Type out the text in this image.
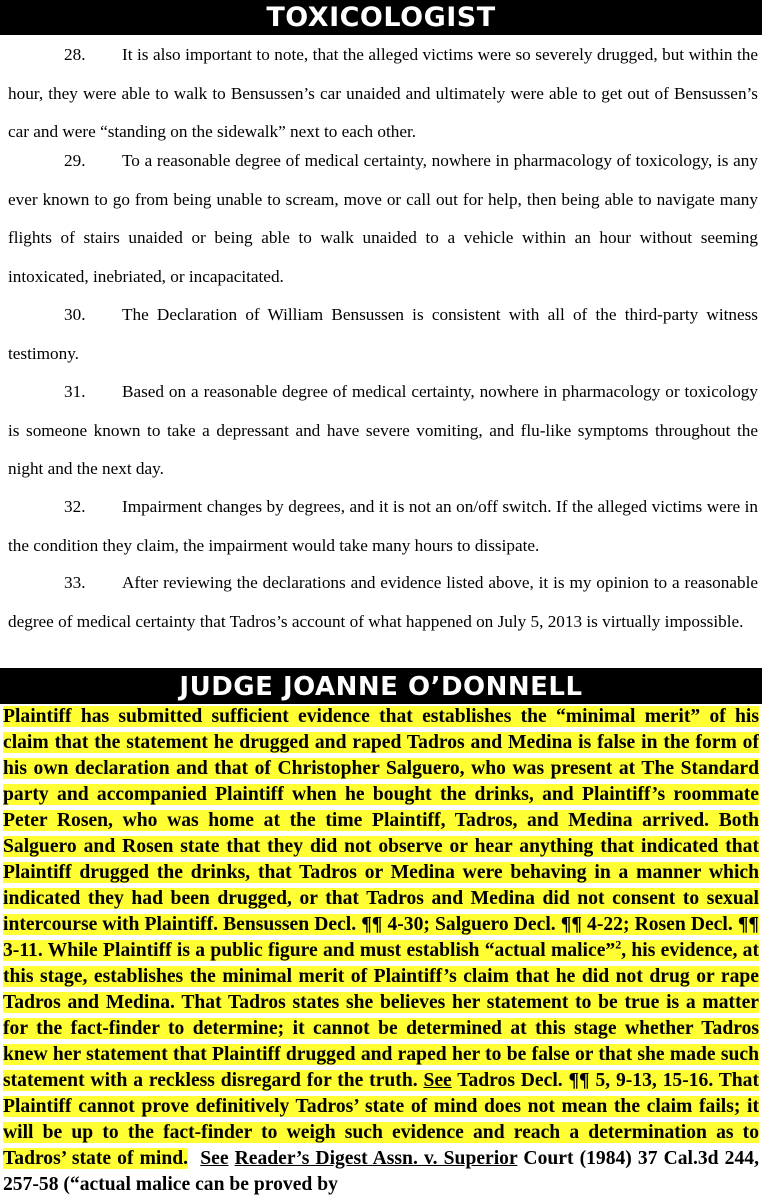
TOXICOLOGIST

28. It is also important to note, that the alleged victims were so severely drugged, but within the hour, they were able to walk to Bensussen’s car unaided and ultimately were able to get out of Bensussen’s car and were “standing on the sidewalk” next to each other.

29. To a reasonable degree of medical certainty, nowhere in pharmacology of toxicology, is any ever known to go from being unable to scream, move or call out for help, then being able to navigate many flights of stairs unaided or being able to walk unaided to a vehicle within an hour without seeming intoxicated, inebriated, or incapacitated.

30. The Declaration of William Bensussen is consistent with all of the third-party witness testimony.

31. Based on a reasonable degree of medical certainty, nowhere in pharmacology or toxicology is someone known to take a depressant and have severe vomiting, and flu-like symptoms throughout the night and the next day.

32. Impairment changes by degrees, and it is not an on/off switch. If the alleged victims were in the condition they claim, the impairment would take many hours to dissipate.

33. After reviewing the declarations and evidence listed above, it is my opinion to a reasonable degree of medical certainty that Tadros’s account of what happened on July 5, 2013 is virtually impossible.

JUDGE JOANNE O’DONNELL

Plaintiff has submitted sufficient evidence that establishes the “minimal merit” of his claim that the statement he drugged and raped Tadros and Medina is false in the form of his own declaration and that of Christopher Salguero, who was present at The Standard party and accompanied Plaintiff when he bought the drinks, and Plaintiff’s roommate Peter Rosen, who was home at the time Plaintiff, Tadros, and Medina arrived. Both Salguero and Rosen state that they did not observe or hear anything that indicated that Plaintiff drugged the drinks, that Tadros or Medina were behaving in a manner which indicated they had been drugged, or that Tadros and Medina did not consent to sexual intercourse with Plaintiff. Bensussen Decl. ¶¶ 4-30; Salguero Decl. ¶¶ 4-22; Rosen Decl. ¶¶ 3-11. While Plaintiff is a public figure and must establish “actual malice”$^2$, his evidence, at this stage, establishes the minimal merit of Plaintiff’s claim that he did not drug or rape Tadros and Medina. That Tadros states she believes her statement to be true is a matter for the fact-finder to determine; it cannot be determined at this stage whether Tadros knew her statement that Plaintiff drugged and raped her to be false or that she made such statement with a reckless disregard for the truth. See Tadros Decl. ¶¶ 5, 9-13, 15-16. That Plaintiff cannot prove definitively Tadros’ state of mind does not mean the claim fails; it will be up to the fact-finder to weigh such evidence and reach a determination as to Tadros’ state of mind. See Reader’s Digest Assn. v. Superior Court (1984) 37 Cal.3d 244, 257-58 (“actual malice can be proved by
